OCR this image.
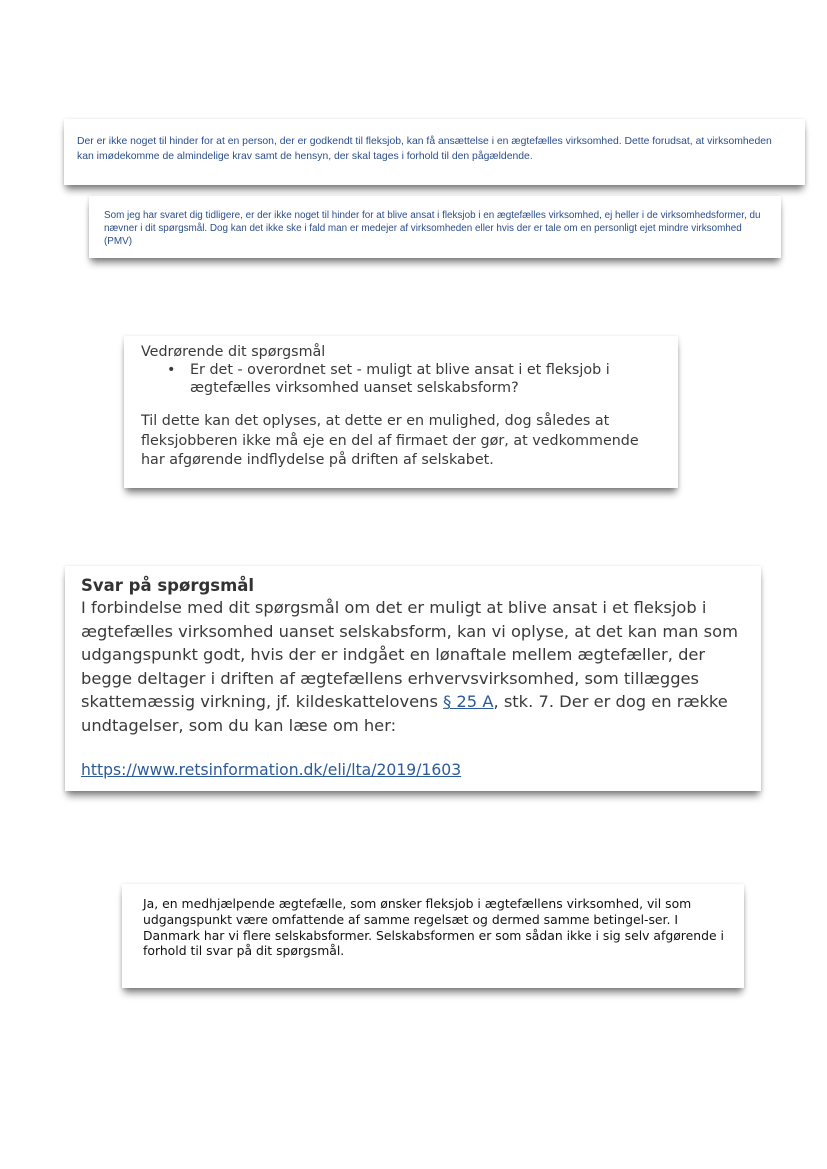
Der er ikke noget til hinder for at en person, der er godkendt til fleksjob, kan få ansættelse i en ægtefælles virksomhed. Dette forudsat, at virksomheden kan imødekomme de almindelige krav samt de hensyn, der skal tages i forhold til den pågældende.

Som jeg har svaret dig tidligere, er der ikke noget til hinder for at blive ansat i fleksjob i en ægtefælles virksomhed, ej heller i de virksomhedsformer, du nævner i dit spørgsmål. Dog kan det ikke ske i fald man er medejer af virksomheden eller hvis der er tale om en personligt ejet mindre virksomhed (PMV)

Vedrørende dit spørgsmål
• Er det - overordnet set - muligt at blive ansat i et fleksjob i ægtefælles virksomhed uanset selskabsform?

Til dette kan det oplyses, at dette er en mulighed, dog således at fleksjobberen ikke må eje en del af firmaet der gør, at vedkommende har afgørende indflydelse på driften af selskabet.

Svar på spørgsmål

I forbindelse med dit spørgsmål om det er muligt at blive ansat i et fleksjob i ægtefælles virksomhed uanset selskabsform, kan vi oplyse, at det kan man som udgangspunkt godt, hvis der er indgået en lønaftale mellem ægtefæller, der begge deltager i driften af ægtefællens erhvervsvirksomhed, som tillægges skattemæssig virkning, jf. kildeskattelovens § 25 A, stk. 7. Der er dog en række undtagelser, som du kan læse om her:

https://www.retsinformation.dk/eli/lta/2019/1603

Ja, en medhjælpende ægtefælle, som ønsker fleksjob i ægtefællens virksomhed, vil som udgangspunkt være omfattende af samme regelsæt og dermed samme betingel-ser. I Danmark har vi flere selskabsformer. Selskabsformen er som sådan ikke i sig selv afgørende i forhold til svar på dit spørgsmål.
